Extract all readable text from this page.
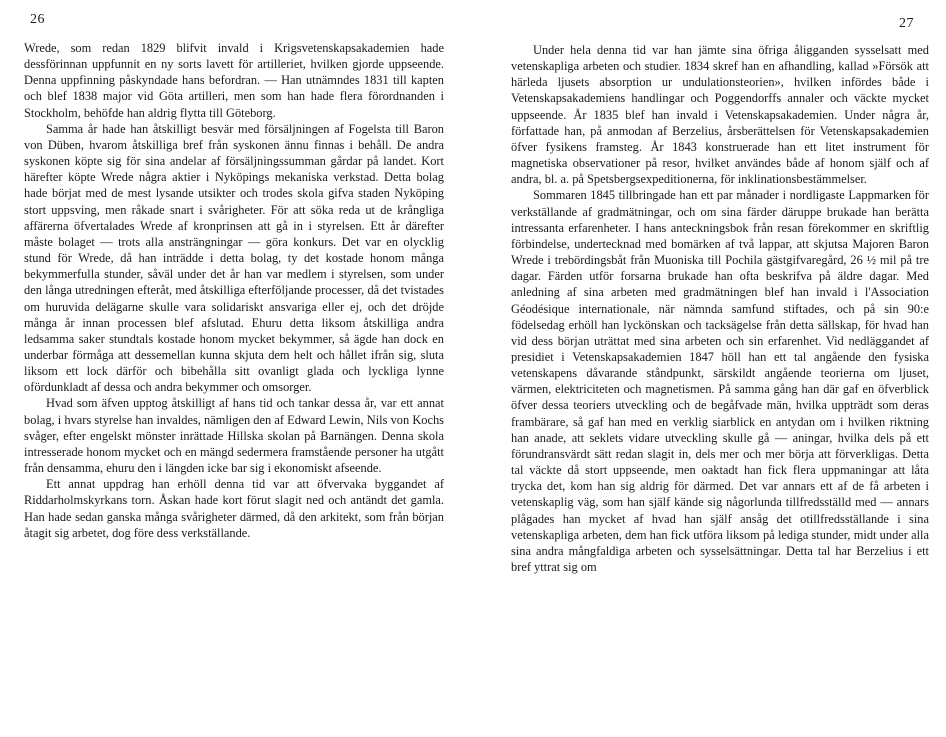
26

Wrede, som redan 1829 blifvit invald i Krigsvetenskapsakademien hade dessförinnan uppfunnit en ny sorts lavett för artilleriet, hvilken gjorde uppseende. Denna uppfinning påskyndade hans befordran. — Han utnämndes 1831 till kapten och blef 1838 major vid Göta artilleri, men som han hade flera förordnanden i Stockholm, behöfde han aldrig flytta till Göteborg.

Samma år hade han åtskilligt besvär med försäljningen af Fogelsta till Baron von Düben, hvarom åtskilliga bref från syskonen ännu finnas i behåll. De andra syskonen köpte sig för sina andelar af försäljningssumman gårdar på landet. Kort härefter köpte Wrede några aktier i Nyköpings mekaniska verkstad. Detta bolag hade börjat med de mest lysande utsikter och trodes skola gifva staden Nyköping stort uppsving, men råkade snart i svårigheter. För att söka reda ut de krångliga affärerna öfvertalades Wrede af kronprinsen att gå in i styrelsen. Ett år därefter måste bolaget — trots alla ansträngningar — göra konkurs. Det var en olycklig stund för Wrede, då han inträdde i detta bolag, ty det kostade honom många bekymmerfulla stunder, såväl under det år han var medlem i styrelsen, som under den långa utredningen efteråt, med åtskilliga efterföljande processer, då det tvistades om huruvida delägarne skulle vara solidariskt ansvariga eller ej, och det dröjde många år innan processen blef afslutad. Ehuru detta liksom åtskilliga andra ledsamma saker stundtals kostade honom mycket bekymmer, så ägde han dock en underbar förmåga att dessemellan kunna skjuta dem helt och hållet ifrån sig, sluta liksom ett lock därför och bibehålla sitt ovanligt glada och lyckliga lynne ofördunkladt af dessa och andra bekymmer och omsorger.

Hvad som äfven upptog åtskilligt af hans tid och tankar dessa år, var ett annat bolag, i hvars styrelse han invaldes, nämligen den af Edward Lewin, Nils von Kochs svåger, efter engelskt mönster inrättade Hillska skolan på Barnängen. Denna skola intresserade honom mycket och en mängd sedermera framstående personer ha utgått från densamma, ehuru den i längden icke bar sig i ekonomiskt afseende.

Ett annat uppdrag han erhöll denna tid var att öfvervaka byggandet af Riddarholmskyrkans torn. Åskan hade kort förut slagit ned och antändt det gamla. Han hade sedan ganska många svårigheter därmed, då den arkitekt, som från början åtagit sig arbetet, dog före dess verkställande.

27

Under hela denna tid var han jämte sina öfriga åligganden sysselsatt med vetenskapliga arbeten och studier. 1834 skref han en afhandling, kallad »Försök att härleda ljusets absorption ur undulationsteorien», hvilken infördes både i Vetenskapsakademiens handlingar och Poggendorffs annaler och väckte mycket uppseende. År 1835 blef han invald i Vetenskapsakademien. Under några år, författade han, på anmodan af Berzelius, årsberättelsen för Vetenskapsakademien öfver fysikens framsteg. År 1843 konstruerade han ett litet instrument för magnetiska observationer på resor, hvilket användes både af honom själf och af andra, bl. a. på Spetsbergsexpeditionerna, för inklinationsbestämmelser.

Sommaren 1845 tillbringade han ett par månader i nordligaste Lappmarken för verkställande af gradmätningar, och om sina färder däruppe brukade han berätta intressanta erfarenheter. I hans anteckningsbok från resan förekommer en skriftlig förbindelse, undertecknad med bomärken af två lappar, att skjutsa Majoren Baron Wrede i trebördingsbåt från Muoniska till Pochila gästgifvaregård, 26 ½ mil på tre dagar. Färden utför forsarna brukade han ofta beskrifva på äldre dagar. Med anledning af sina arbeten med gradmätningen blef han invald i l'Association Géodésique internationale, när nämnda samfund stiftades, och på sin 90:e födelsedag erhöll han lyckönskan och tacksägelse från detta sällskap, för hvad han vid dess början uträttat med sina arbeten och sin erfarenhet. Vid nedläggandet af presidiet i Vetenskapsakademien 1847 höll han ett tal angående den fysiska vetenskapens dåvarande ståndpunkt, särskildt angående teorierna om ljuset, värmen, elektriciteten och magnetismen. På samma gång han där gaf en öfverblick öfver dessa teoriers utveckling och de begåfvade män, hvilka uppträdt som deras frambärare, så gaf han med en verklig siarblick en antydan om i hvilken riktning han anade, att seklets vidare utveckling skulle gå — aningar, hvilka dels på ett förundransvärdt sätt redan slagit in, dels mer och mer börja att förverkligas. Detta tal väckte då stort uppseende, men oaktadt han fick flera uppmaningar att låta trycka det, kom han sig aldrig för därmed. Det var annars ett af de få arbeten i vetenskaplig väg, som han själf kände sig någorlunda tillfredsställd med — annars plågades han mycket af hvad han själf ansåg det otillfredsställande i sina vetenskapliga arbeten, dem han fick utföra liksom på lediga stunder, midt under alla sina andra mångfaldiga arbeten och sysselsättningar. Detta tal har Berzelius i ett bref yttrat sig om
